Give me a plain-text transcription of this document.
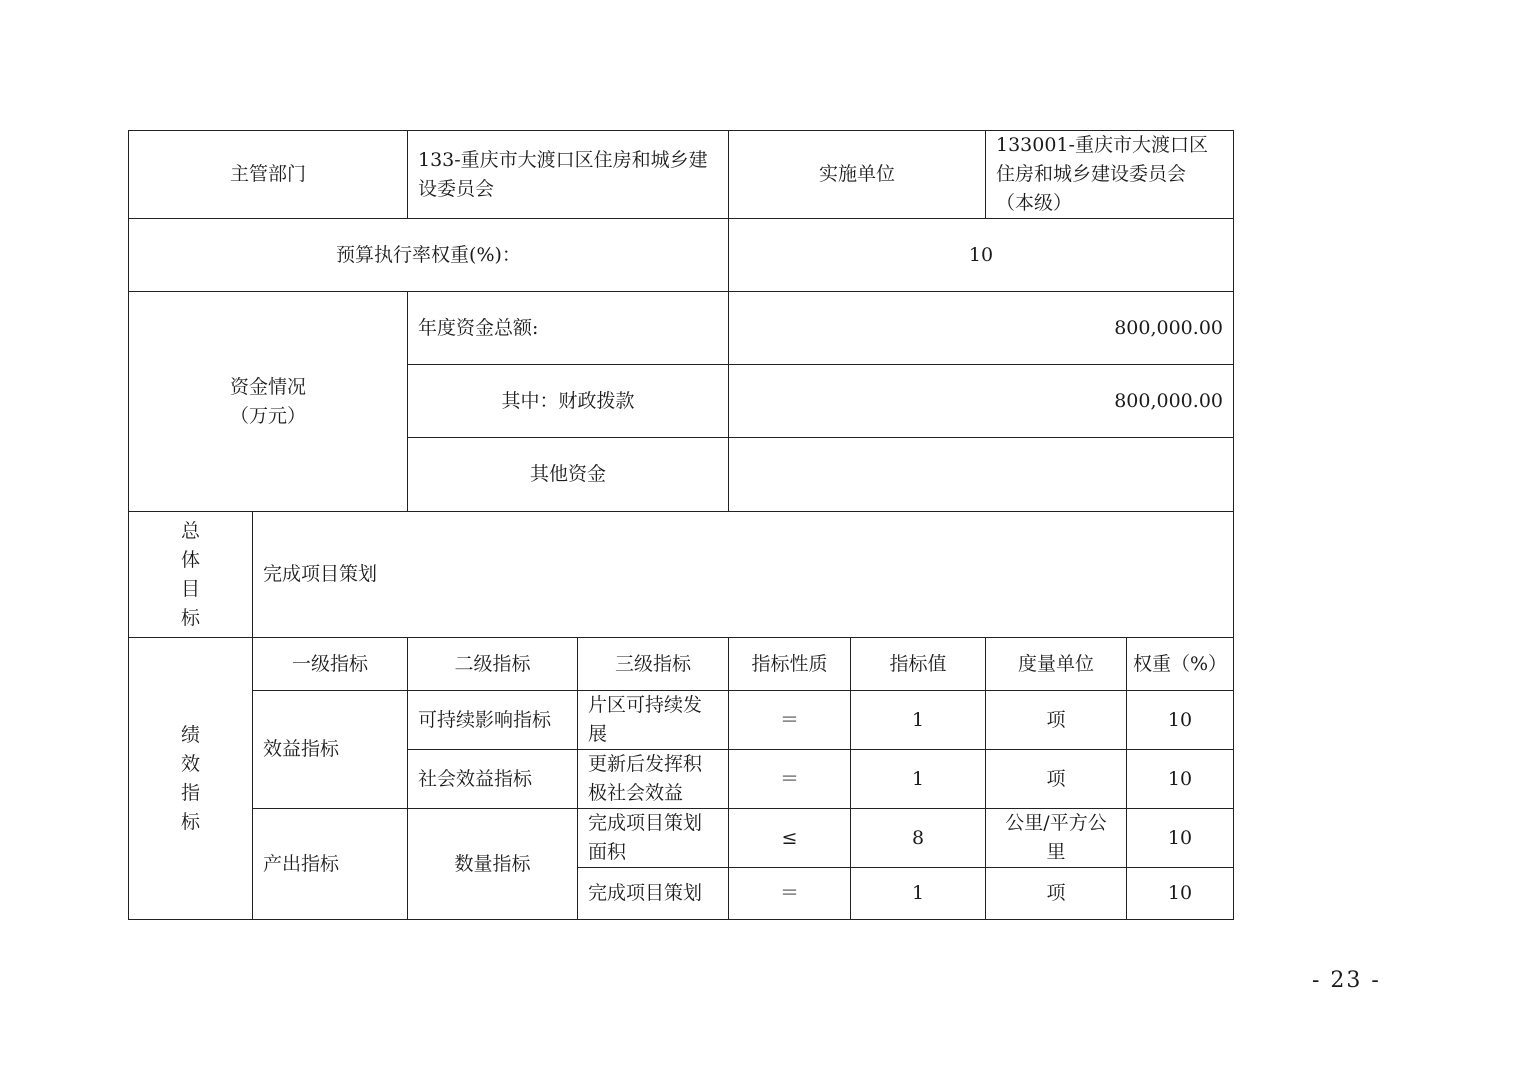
主管部门		133-重庆市大渡口区住房和城乡建设委员会		实施单位		133001-重庆市大渡口区住房和城乡建设委员会（本级）	
预算执行率权重(%)：				10			

资金情况
（万元）		年度资金总额:		800,000.00			
		其中：财政拨款		800,000.00			
		其他资金					

总
体
目
标	完成项目策划						

绩
效
指
标	一级指标	二级指标	三级指标	指标性质	指标值	度量单位	权重（%）
	效益指标	可持续影响指标	片区可持续发展	＝	1	项	10
		社会效益指标	更新后发挥积极社会效益	＝	1	项	10
	产出指标	数量指标	完成项目策划面积	≤	8	公里/平方公里	10
			完成项目策划	＝	1	项	10
- 23 -
